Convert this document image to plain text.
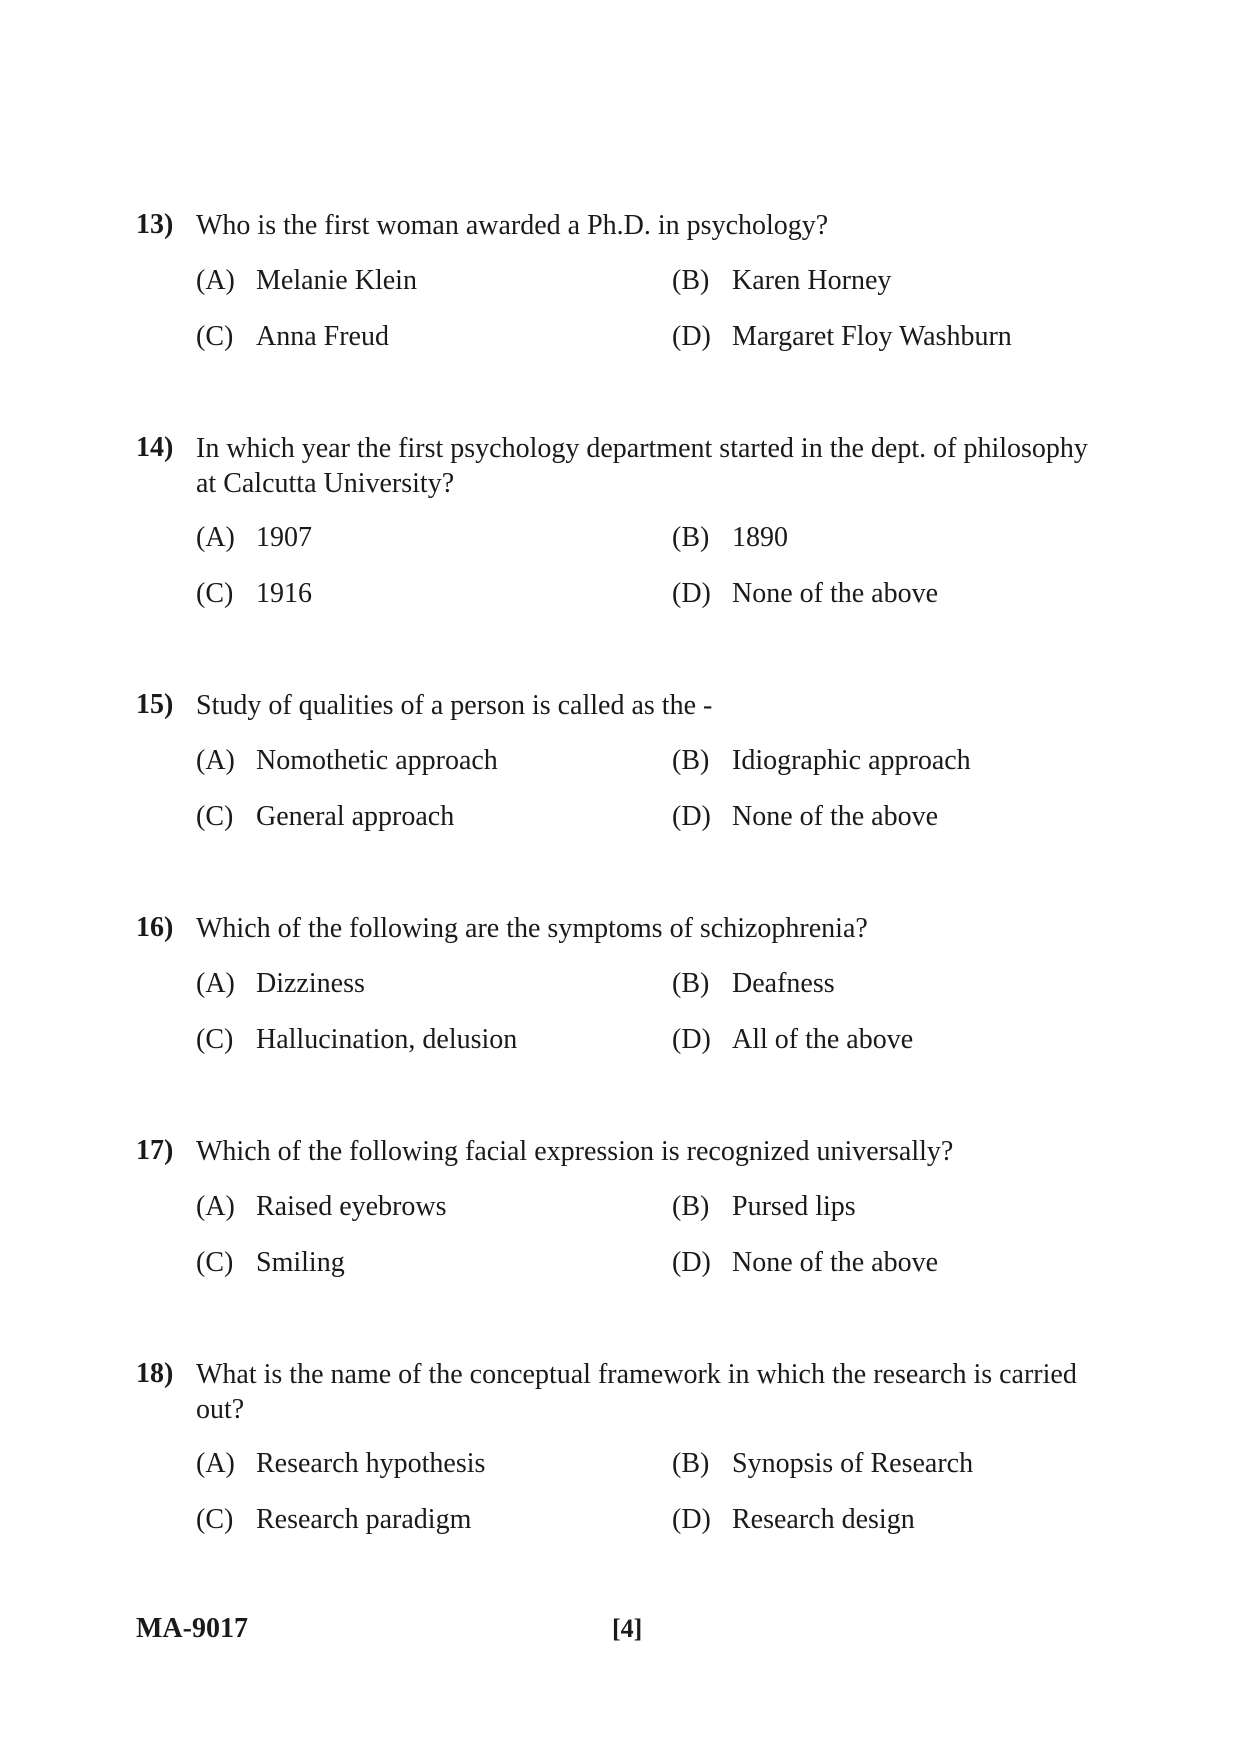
13) Who is the first woman awarded a Ph.D. in psychology?
(A) Melanie Klein	(B) Karen Horney
(C) Anna Freud	(D) Margaret Floy Washburn
14) In which year the first psychology department started in the dept. of philosophy at Calcutta University?
(A) 1907	(B) 1890
(C) 1916	(D) None of the above
15) Study of qualities of a person is called as the -
(A) Nomothetic approach	(B) Idiographic approach
(C) General approach	(D) None of the above
16) Which of the following are the symptoms of schizophrenia?
(A) Dizziness	(B) Deafness
(C) Hallucination, delusion	(D) All of the above
17) Which of the following facial expression is recognized universally?
(A) Raised eyebrows	(B) Pursed lips
(C) Smiling	(D) None of the above
18) What is the name of the conceptual framework in which the research is carried out?
(A) Research hypothesis	(B) Synopsis of Research
(C) Research paradigm	(D) Research design
MA-9017	[4]
